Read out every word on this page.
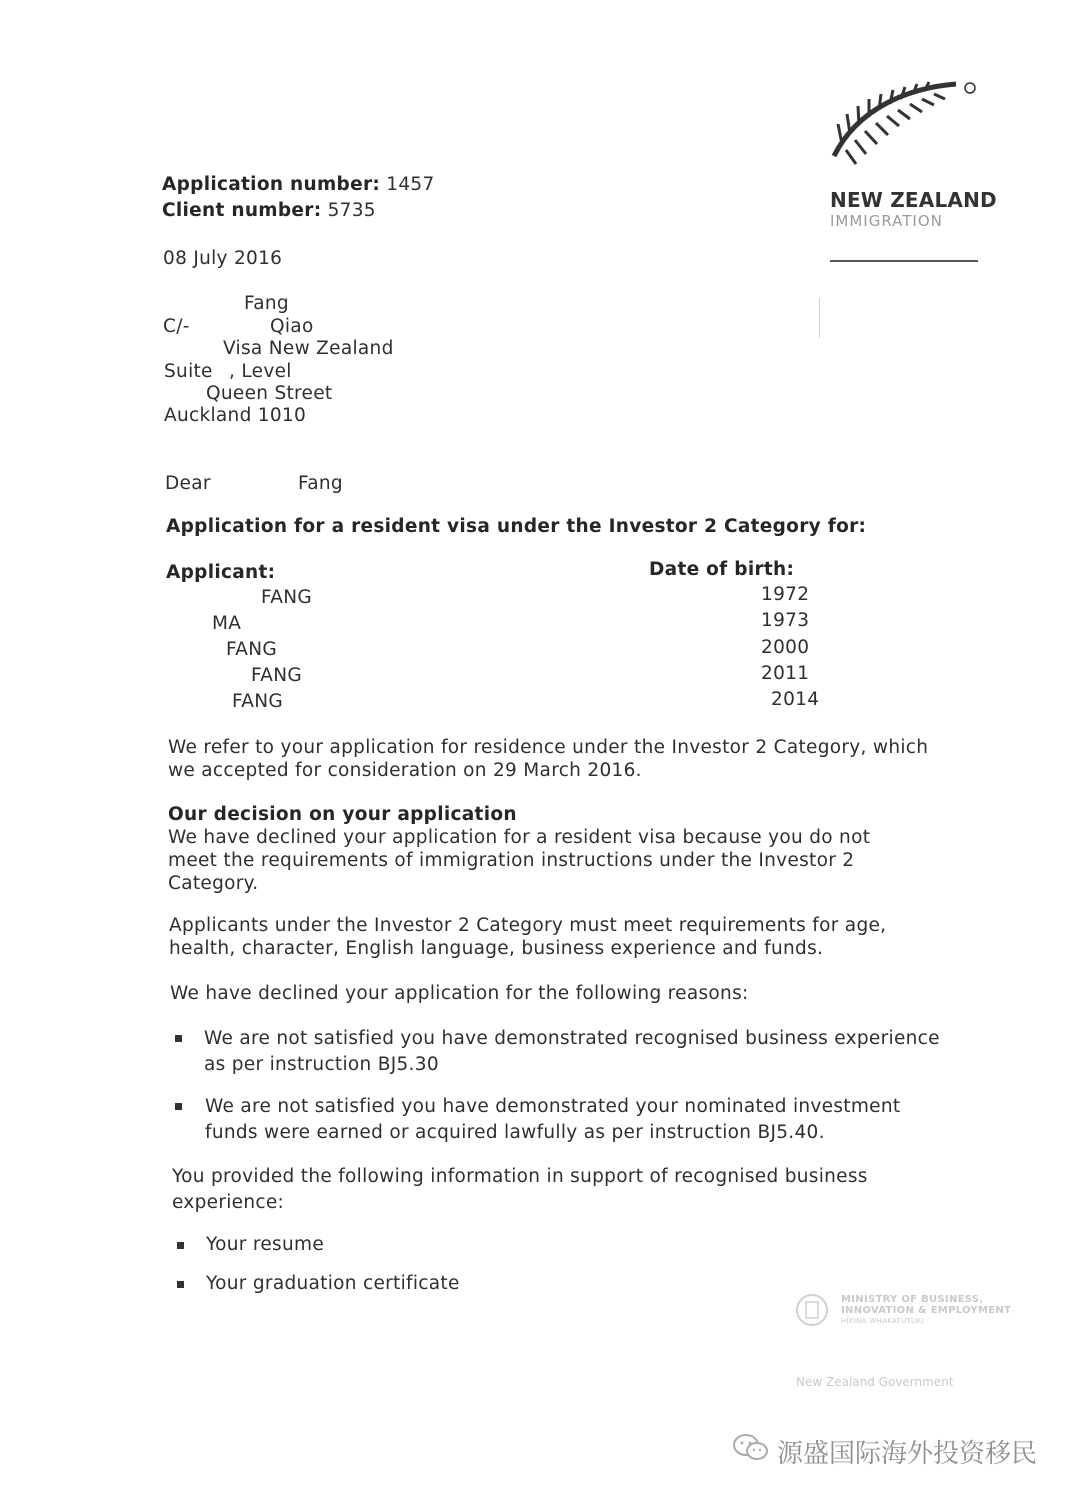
Application number: 1457
Client number: 5735	NEW ZEALAND
IMMIGRATION
08 July 2016
Fang
C/-	Qiao
Visa New Zealand
Suite , Level
Queen Street
Auckland 1010
Dear	Fang
Application for a resident visa under the Investor 2 Category for:
Applicant:	Date of birth:
FANG	1972
MA	1973
FANG	2000
FANG	2011
FANG	2014
We refer to your application for residence under the Investor 2 Category, which
we accepted for consideration on 29 March 2016.
Our decision on your application
We have declined your application for a resident visa because you do not
meet the requirements of immigration instructions under the Investor 2
Category.
Applicants under the Investor 2 Category must meet requirements for age,
health, character, English language, business experience and funds.
We have declined your application for the following reasons:
We are not satisfied you have demonstrated recognised business experience
as per instruction BJ5.30
We are not satisfied you have demonstrated your nominated investment
funds were earned or acquired lawfully as per instruction BJ5.40.
You provided the following information in support of recognised business
experience:
Your resume
Your graduation certificate
MINISTRY OF BUSINESS,
INNOVATION & EMPLOYMENT
HĪKINA WHAKATUTUKI
New Zealand Government
源盛国际海外投资移民
